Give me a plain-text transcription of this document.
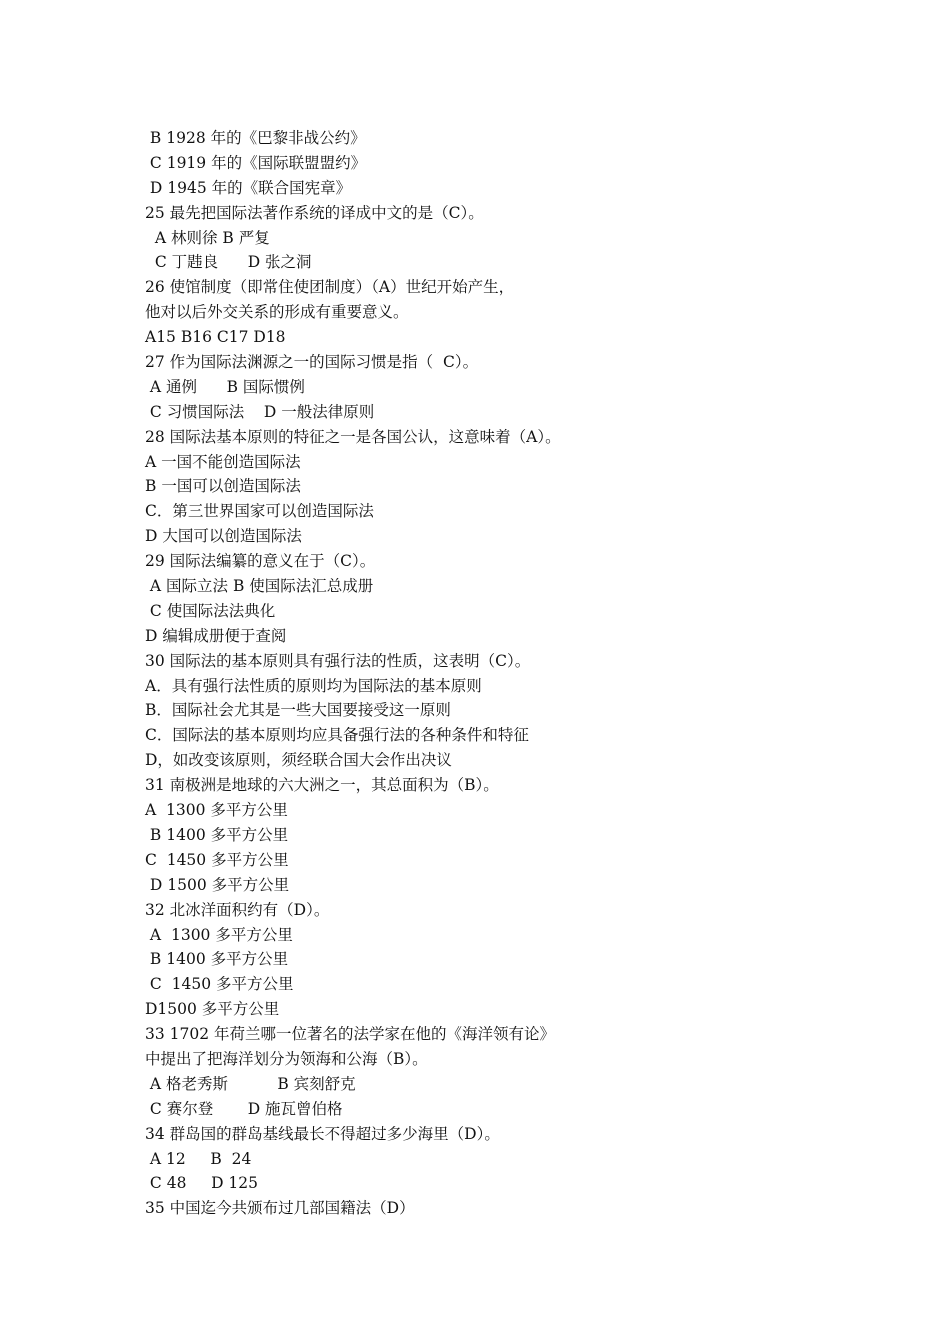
B 1928 年的《巴黎非战公约》
C 1919 年的《国际联盟盟约》
D 1945 年的《联合国宪章》
25 最先把国际法著作系统的译成中文的是（C）。
A 林则徐 B 严复
C 丁韪良      D 张之洞
26 使馆制度（即常住使团制度）（A）世纪开始产生，
他对以后外交关系的形成有重要意义。
A15 B16 C17 D18
27 作为国际法渊源之一的国际习惯是指（  C）。
A 通例      B 国际惯例
C 习惯国际法    D 一般法律原则
28 国际法基本原则的特征之一是各国公认，这意味着（A）。
A 一国不能创造国际法
B 一国可以创造国际法
C．第三世界国家可以创造国际法
D 大国可以创造国际法
29 国际法编纂的意义在于（C）。
A 国际立法 B 使国际法汇总成册
C 使国际法法典化
D 编辑成册便于查阅
30 国际法的基本原则具有强行法的性质，这表明（C）。
A．具有强行法性质的原则均为国际法的基本原则
B．国际社会尤其是一些大国要接受这一原则
C．国际法的基本原则均应具备强行法的各种条件和特征
D，如改变该原则，须经联合国大会作出决议
31 南极洲是地球的六大洲之一，其总面积为（B）。
A  1300 多平方公里
B 1400 多平方公里
C  1450 多平方公里
D 1500 多平方公里
32 北冰洋面积约有（D）。
A  1300 多平方公里
B 1400 多平方公里
C  1450 多平方公里
D1500 多平方公里
33 1702 年荷兰哪一位著名的法学家在他的《海洋领有论》
中提出了把海洋划分为领海和公海（B）。
A 格老秀斯          B 宾刻舒克
C 赛尔登       D 施瓦曾伯格
34 群岛国的群岛基线最长不得超过多少海里（D）。
A 12     B  24
C 48     D 125
35 中国迄今共颁布过几部国籍法（D）
